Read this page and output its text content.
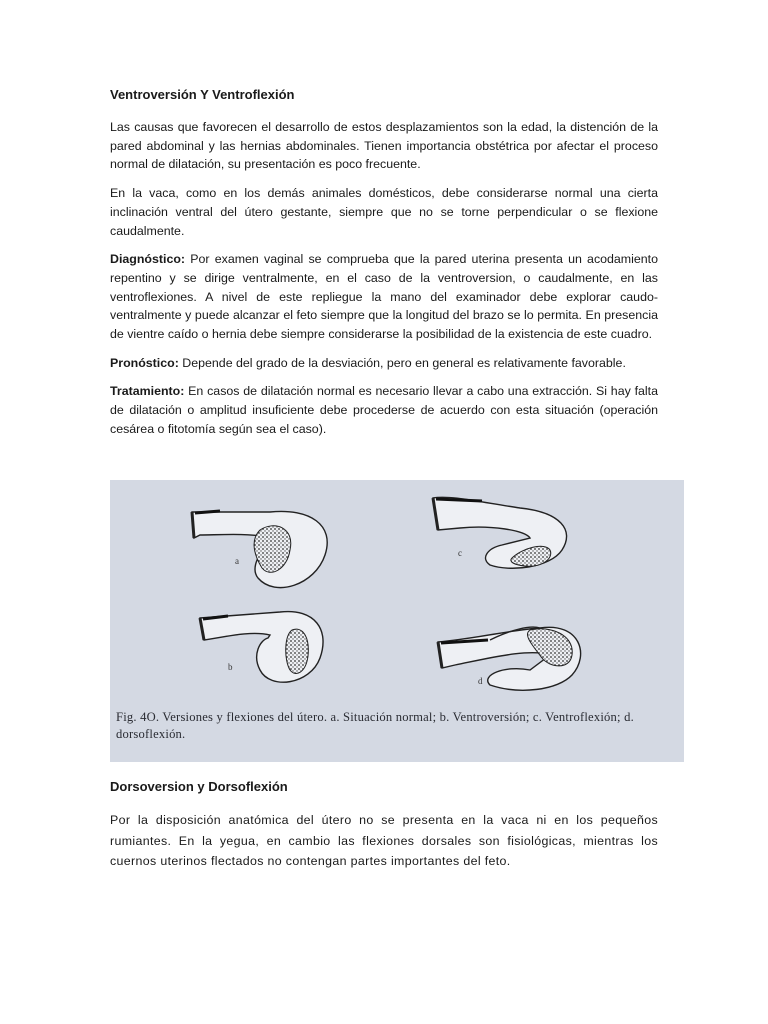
Ventroversión Y Ventroflexión

Las causas que favorecen el desarrollo de estos desplazamientos son la edad, la distención de la pared abdominal y las hernias abdominales. Tienen importancia obstétrica por afectar el proceso normal de dilatación, su presentación es poco frecuente.

En la vaca, como en los demás animales domésticos, debe considerarse normal una cierta inclinación ventral del útero gestante, siempre que no se torne perpendicular o se flexione caudalmente.

Diagnóstico: Por examen vaginal se comprueba que la pared uterina presenta un acodamiento repentino y se dirige ventralmente, en el caso de la ventroversion, o caudalmente, en las ventroflexiones. A nivel de este repliegue la mano del examinador debe explorar caudo-ventralmente y puede alcanzar el feto siempre que la longitud del brazo se lo permita. En presencia de vientre caído o hernia debe siempre considerarse la posibilidad de la existencia de este cuadro.

Pronóstico: Depende del grado de la desviación, pero en general es relativamente favorable.

Tratamiento: En casos de dilatación normal es necesario llevar a cabo una extracción. Si hay falta de dilatación o amplitud insuficiente debe procederse de acuerdo con esta situación (operación cesárea o fitotomía según sea el caso).

a
c
b
d
Fig. 4O. Versiones y flexiones del útero. a. Situación normal; b. Ventroversión; c. Ventroflexión; d. dorsoflexión.
Dorsoversion y Dorsoflexión

Por la disposición anatómica del útero no se presenta en la vaca ni en los pequeños rumiantes. En la yegua, en cambio las flexiones dorsales son fisiológicas, mientras los cuernos uterinos flectados no contengan partes importantes del feto.
